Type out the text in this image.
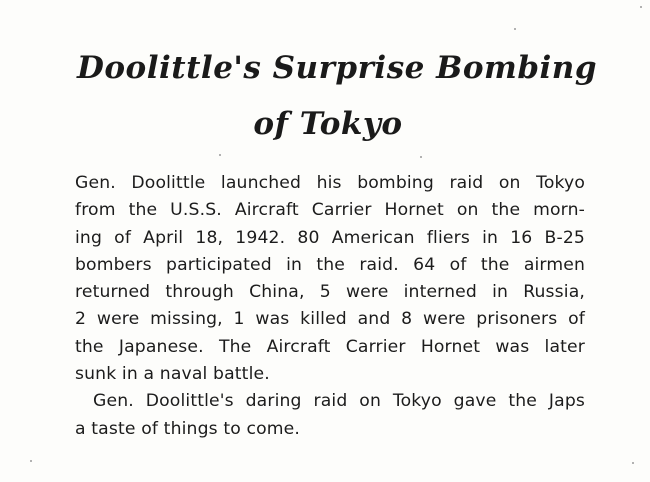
Doolittle's Surprise Bombing
of Tokyo
Gen. Doolittle launched his bombing raid on Tokyo
from the U.S.S. Aircraft Carrier Hornet on the morn-
ing of April 18, 1942. 80 American fliers in 16 B-25
bombers participated in the raid. 64 of the airmen
returned through China, 5 were interned in Russia,
2 were missing, 1 was killed and 8 were prisoners of
the Japanese. The Aircraft Carrier Hornet was later
sunk in a naval battle.
Gen. Doolittle's daring raid on Tokyo gave the Japs
a taste of things to come.
